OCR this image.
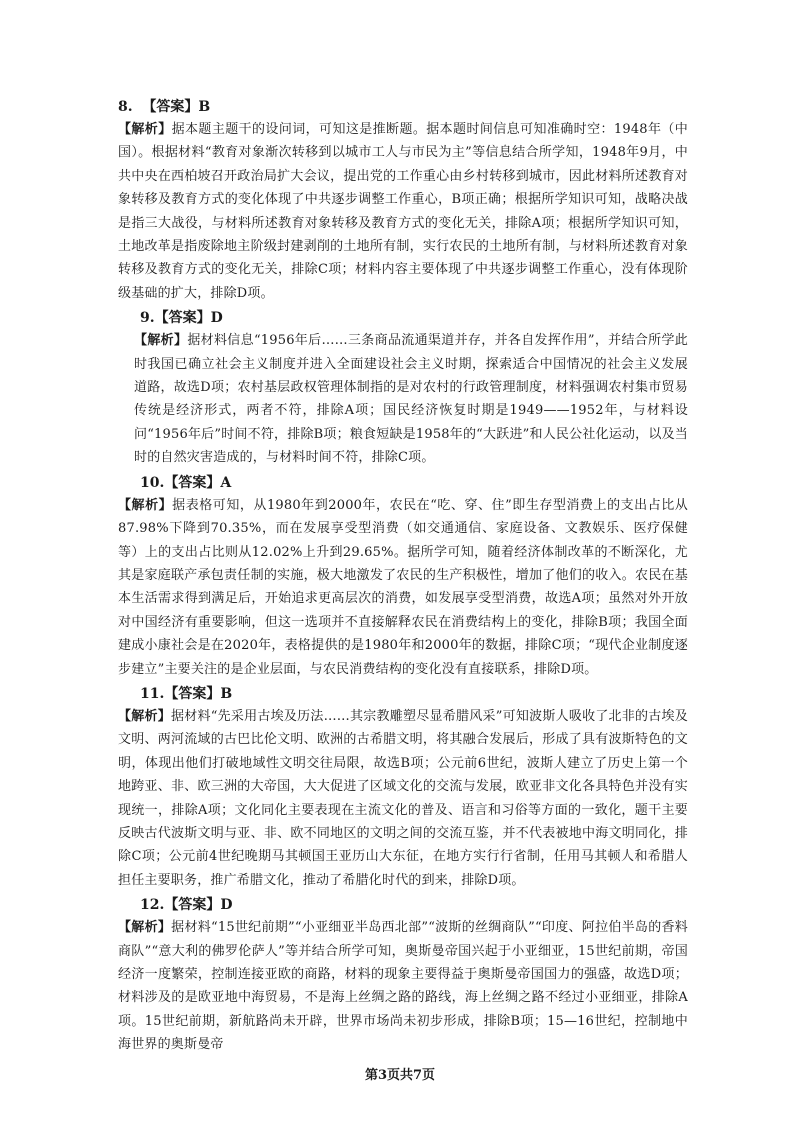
8. 【答案】B

【解析】据本题主题干的设问词，可知这是推断题。据本题时间信息可知准确时空：1948年（中国）。根据材料“教育对象渐次转移到以城市工人与市民为主”等信息结合所学知，1948年9月，中共中央在西柏坡召开政治局扩大会议，提出党的工作重心由乡村转移到城市，因此材料所述教育对象转移及教育方式的变化体现了中共逐步调整工作重心，B项正确；根据所学知识可知，战略决战是指三大战役，与材料所述教育对象转移及教育方式的变化无关，排除A项；根据所学知识可知，土地改革是指废除地主阶级封建剥削的土地所有制，实行农民的土地所有制，与材料所述教育对象转移及教育方式的变化无关，排除C项；材料内容主要体现了中共逐步调整工作重心，没有体现阶级基础的扩大，排除D项。

9.【答案】D

【解析】据材料信息“1956年后……三条商品流通渠道并存，并各自发挥作用”，并结合所学此时我国已确立社会主义制度并进入全面建设社会主义时期，探索适合中国情况的社会主义发展道路，故选D项；农村基层政权管理体制指的是对农村的行政管理制度，材料强调农村集市贸易传统是经济形式，两者不符，排除A项；国民经济恢复时期是1949——1952年，与材料设问“1956年后”时间不符，排除B项；粮食短缺是1958年的“大跃进”和人民公社化运动，以及当时的自然灾害造成的，与材料时间不符，排除C项。

10.【答案】A

【解析】据表格可知，从1980年到2000年，农民在“吃、穿、住”即生存型消费上的支出占比从87.98%下降到70.35%，而在发展享受型消费（如交通通信、家庭设备、文教娱乐、医疗保健等）上的支出占比则从12.02%上升到29.65%。据所学可知，随着经济体制改革的不断深化，尤其是家庭联产承包责任制的实施，极大地激发了农民的生产积极性，增加了他们的收入。农民在基本生活需求得到满足后，开始追求更高层次的消费，如发展享受型消费，故选A项；虽然对外开放对中国经济有重要影响，但这一选项并不直接解释农民在消费结构上的变化，排除B项；我国全面建成小康社会是在2020年，表格提供的是1980年和2000年的数据，排除C项；“现代企业制度逐步建立”主要关注的是企业层面，与农民消费结构的变化没有直接联系，排除D项。

11.【答案】B

【解析】据材料“先采用古埃及历法……其宗教雕塑尽显希腊风采”可知波斯人吸收了北非的古埃及文明、两河流域的古巴比伦文明、欧洲的古希腊文明，将其融合发展后，形成了具有波斯特色的文明，体现出他们打破地域性文明交往局限，故选B项；公元前6世纪，波斯人建立了历史上第一个地跨亚、非、欧三洲的大帝国，大大促进了区域文化的交流与发展，欧亚非文化各具特色并没有实现统一，排除A项；文化同化主要表现在主流文化的普及、语言和习俗等方面的一致化，题干主要反映古代波斯文明与亚、非、欧不同地区的文明之间的交流互鉴，并不代表被地中海文明同化，排除C项；公元前4世纪晚期马其顿国王亚历山大东征，在地方实行行省制，任用马其顿人和希腊人担任主要职务，推广希腊文化，推动了希腊化时代的到来，排除D项。

12.【答案】D

【解析】据材料“15世纪前期”“小亚细亚半岛西北部”“波斯的丝绸商队”“印度、阿拉伯半岛的香料商队”“意大利的佛罗伦萨人”等并结合所学可知，奥斯曼帝国兴起于小亚细亚，15世纪前期，帝国经济一度繁荣，控制连接亚欧的商路，材料的现象主要得益于奥斯曼帝国国力的强盛，故选D项；材料涉及的是欧亚地中海贸易，不是海上丝绸之路的路线，海上丝绸之路不经过小亚细亚，排除A项。15世纪前期，新航路尚未开辟，世界市场尚未初步形成，排除B项；15—16世纪，控制地中海世界的奥斯曼帝

第3页共7页
